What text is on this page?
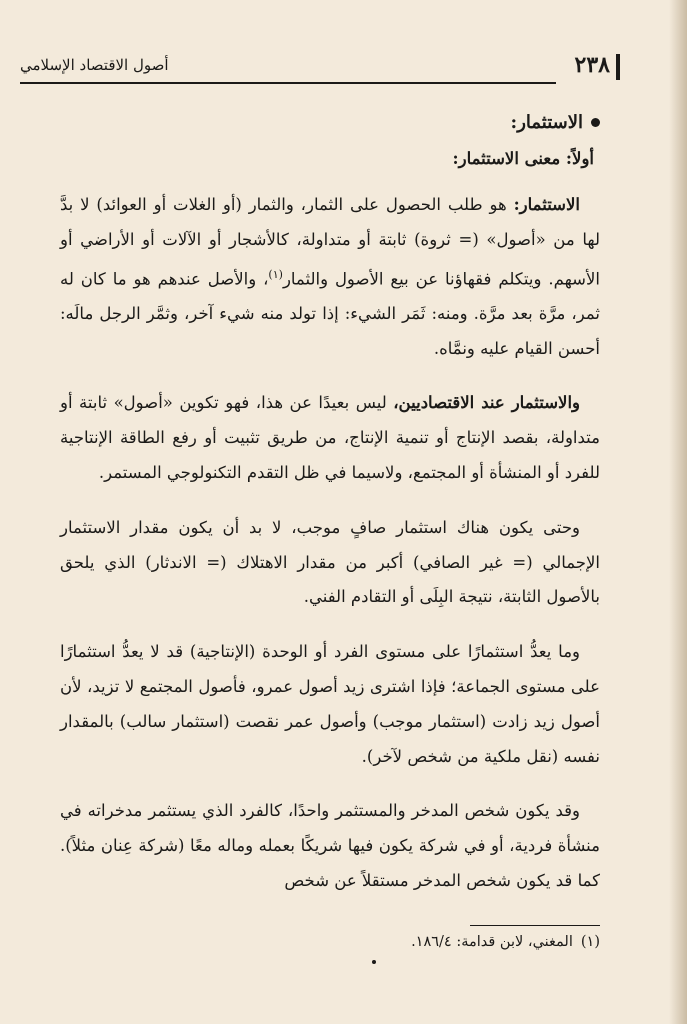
٢٣٨
أصول الاقتصاد الإسلامي
الاستثمار:
أولاً: معنى الاستثمار:

الاستثمار: هو طلب الحصول على الثمار، والثمار (أو الغلات أو العوائد) لا بدَّ لها من «أصول» (= ثروة) ثابتة أو متداولة، كالأشجار أو الآلات أو الأراضي أو الأسهم. ويتكلم فقهاؤنا عن بيع الأصول والثمار$^{(١)}$، والأصل عندهم هو ما كان له ثمر، مرَّة بعد مرَّة. ومنه: ثَمَر الشيء: إذا تولد منه شيء آخر، وثمَّر الرجل مالَه: أحسن القيام عليه ونمَّاه.

والاستثمار عند الاقتصاديين، ليس بعيدًا عن هذا، فهو تكوين «أصول» ثابتة أو متداولة، بقصد الإنتاج أو تنمية الإنتاج، من طريق تثبيت أو رفع الطاقة الإنتاجية للفرد أو المنشأة أو المجتمع، ولاسيما في ظل التقدم التكنولوجي المستمر.

وحتى يكون هناك استثمار صافٍ موجب، لا بد أن يكون مقدار الاستثمار الإجمالي (= غير الصافي) أكبر من مقدار الاهتلاك (= الاندثار) الذي يلحق بالأصول الثابتة، نتيجة البِلَى أو التقادم الفني.

وما يعدُّ استثمارًا على مستوى الفرد أو الوحدة (الإنتاجية) قد لا يعدُّ استثمارًا على مستوى الجماعة؛ فإذا اشترى زيد أصول عمرو، فأصول المجتمع لا تزيد، لأن أصول زيد زادت (استثمار موجب) وأصول عمر نقصت (استثمار سالب) بالمقدار نفسه (نقل ملكية من شخص لآخر).

وقد يكون شخص المدخر والمستثمر واحدًا، كالفرد الذي يستثمر مدخراته في منشأة فردية، أو في شركة يكون فيها شريكًا بعمله وماله معًا (شركة عِنان مثلاً). كما قد يكون شخص المدخر مستقلاً عن شخص

(١)المغني، لابن قدامة: ١٨٦/٤.
